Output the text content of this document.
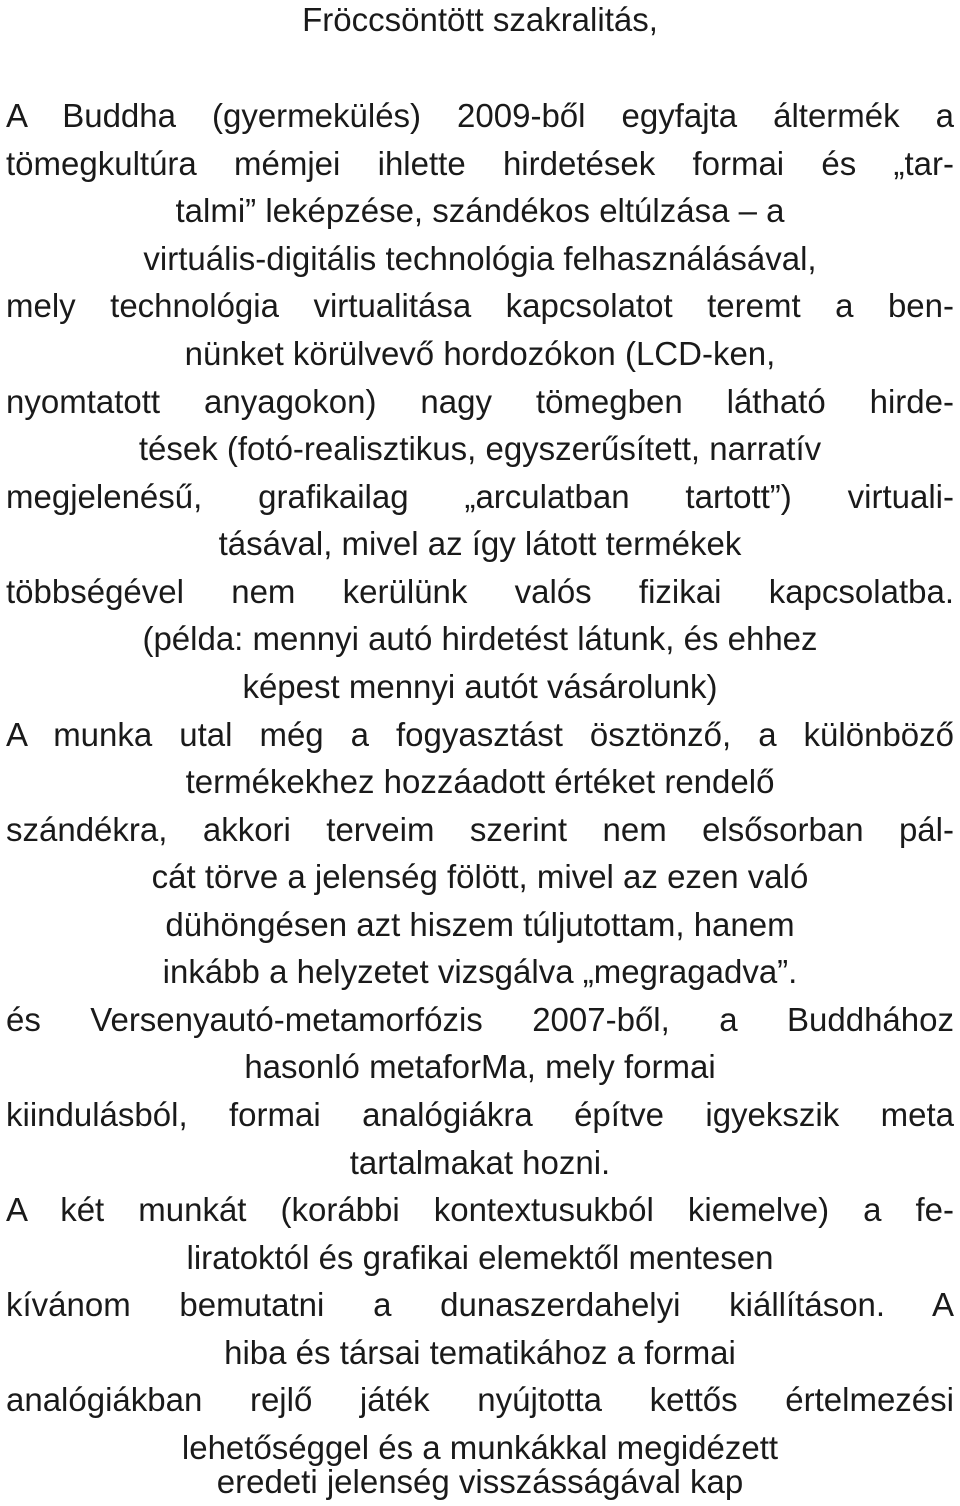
Fröccsöntött szakralitás,
A Buddha (gyermekülés) 2009-ből egyfajta áltermék a
tömegkultúra mémjei ihlette hirdetések formai és „tar-
talmi” leképzése, szándékos eltúlzása – a
virtuális-digitális technológia felhasználásával,
mely technológia virtualitása kapcsolatot teremt a ben-
nünket körülvevő hordozókon (LCD-ken,
nyomtatott anyagokon) nagy tömegben látható hirde-
tések (fotó-realisztikus, egyszerűsített, narratív
megjelenésű, grafikailag „arculatban tartott”) virtuali-
tásával, mivel az így látott termékek
többségével nem kerülünk valós fizikai kapcsolatba.
(példa: mennyi autó hirdetést látunk, és ehhez
képest mennyi autót vásárolunk)
A munka utal még a fogyasztást ösztönző, a különböző
termékekhez hozzáadott értéket rendelő
szándékra, akkori terveim szerint nem elsősorban pál-
cát törve a jelenség fölött, mivel az ezen való
dühöngésen azt hiszem túljutottam, hanem
inkább a helyzetet vizsgálva „megragadva”.
és Versenyautó-metamorfózis 2007-ből, a Buddhához
hasonló metaforMa, mely formai
kiindulásból, formai analógiákra építve igyekszik meta
tartalmakat hozni.
A két munkát (korábbi kontextusukból kiemelve) a fe-
liratoktól és grafikai elemektől mentesen
kívánom bemutatni a dunaszerdahelyi kiállításon. A
hiba és társai tematikához a formai
analógiákban rejlő játék nyújtotta kettős értelmezési
lehetőséggel és a munkákkal megidézett
eredeti jelenség visszásságával kap
